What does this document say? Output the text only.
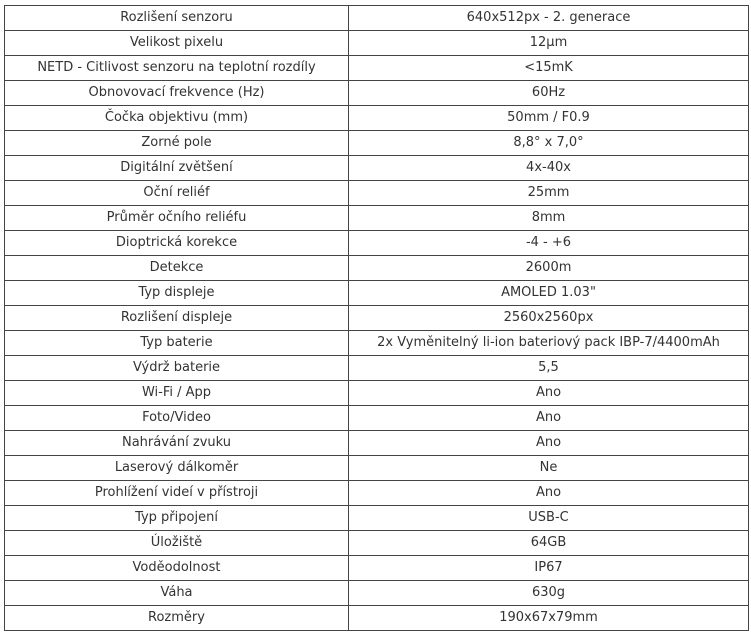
Rozlišení senzoru	640x512px - 2. generace
Velikost pixelu	12μm
NETD - Citlivost senzoru na teplotní rozdíly	<15mK
Obnovovací frekvence (Hz)	60Hz
Čočka objektivu (mm)	50mm / F0.9
Zorné pole	8,8° x 7,0°
Digitální zvětšení	4x-40x
Oční reliéf	25mm
Průměr očního reliéfu	8mm
Dioptrická korekce	-4 - +6
Detekce	2600m
Typ displeje	AMOLED 1.03"
Rozlišení displeje	2560x2560px
Typ baterie	2x Vyměnitelný li-ion bateriový pack IBP-7/4400mAh
Výdrž baterie	5,5
Wi-Fi / App	Ano
Foto/Video	Ano
Nahrávání zvuku	Ano
Laserový dálkoměr	Ne
Prohlížení videí v přístroji	Ano
Typ připojení	USB-C
Úložiště	64GB
Voděodolnost	IP67
Váha	630g
Rozměry	190x67x79mm
